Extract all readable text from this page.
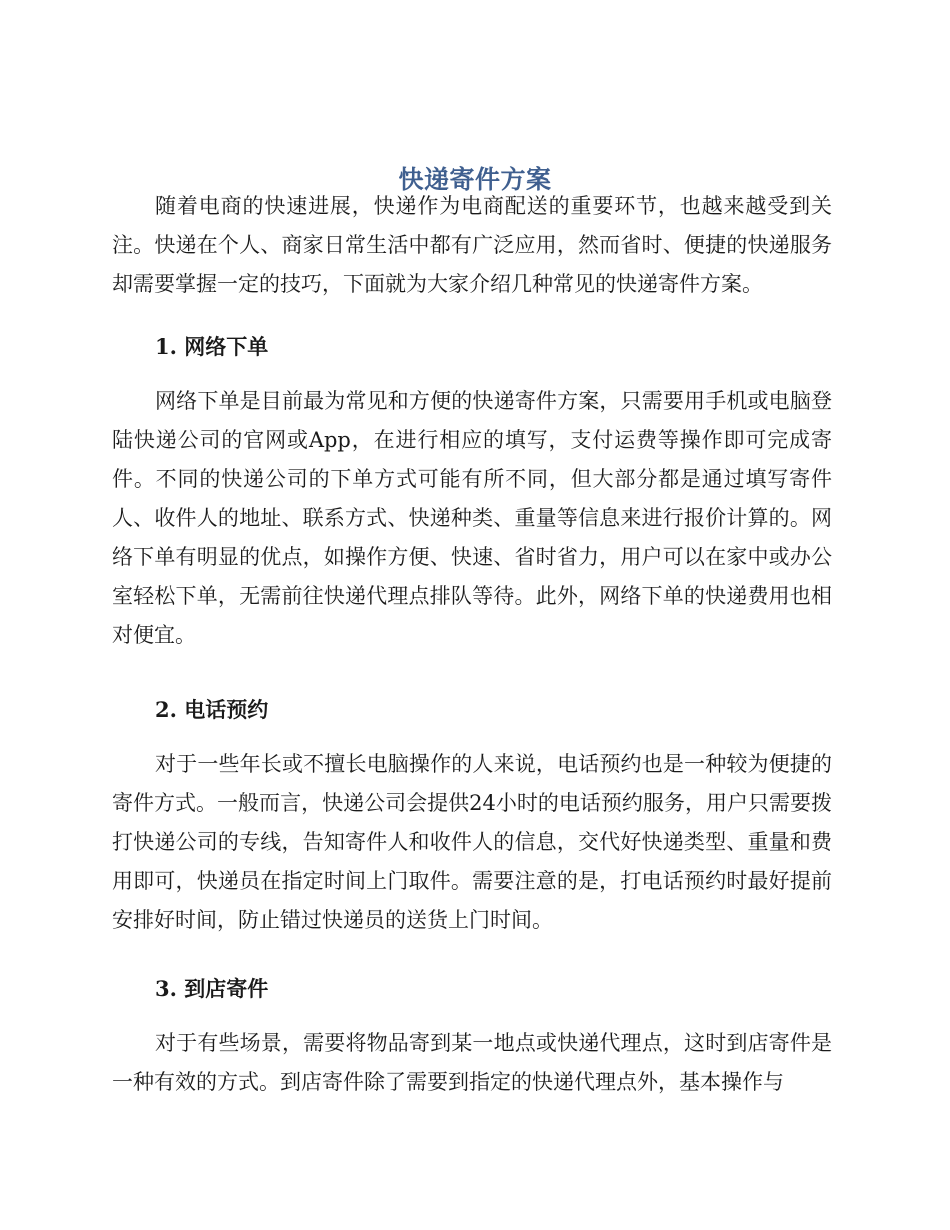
快递寄件方案

随着电商的快速进展，快递作为电商配送的重要环节，也越来越受到关注。快递在个人、商家日常生活中都有广泛应用，然而省时、便捷的快递服务却需要掌握一定的技巧，下面就为大家介绍几种常见的快递寄件方案。

1. 网络下单

网络下单是目前最为常见和方便的快递寄件方案，只需要用手机或电脑登陆快递公司的官网或App，在进行相应的填写，支付运费等操作即可完成寄件。不同的快递公司的下单方式可能有所不同，但大部分都是通过填写寄件人、收件人的地址、联系方式、快递种类、重量等信息来进行报价计算的。网络下单有明显的优点，如操作方便、快速、省时省力，用户可以在家中或办公室轻松下单，无需前往快递代理点排队等待。此外，网络下单的快递费用也相对便宜。

2. 电话预约

对于一些年长或不擅长电脑操作的人来说，电话预约也是一种较为便捷的寄件方式。一般而言，快递公司会提供24小时的电话预约服务，用户只需要拨打快递公司的专线，告知寄件人和收件人的信息，交代好快递类型、重量和费用即可，快递员在指定时间上门取件。需要注意的是，打电话预约时最好提前安排好时间，防止错过快递员的送货上门时间。

3. 到店寄件

对于有些场景，需要将物品寄到某一地点或快递代理点，这时到店寄件是一种有效的方式。到店寄件除了需要到指定的快递代理点外，基本操作与
